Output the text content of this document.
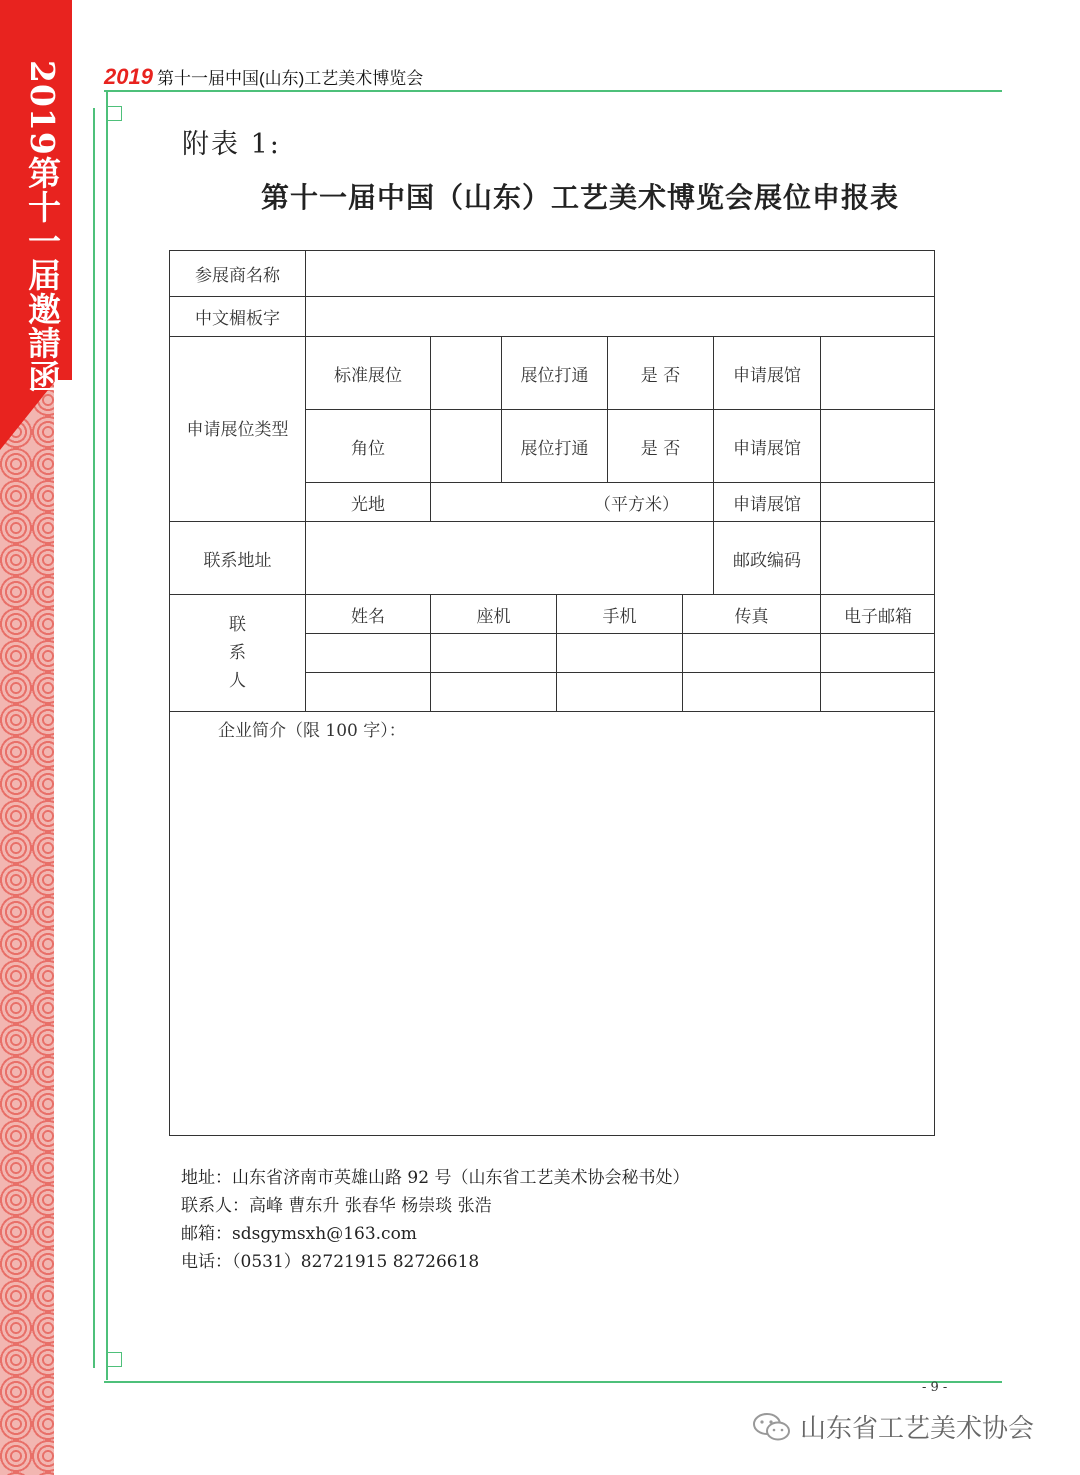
2019第十一届邀請函 2019 第十一届中国(山东)工艺美术博览会
附表 1:
第十一届中国（山东）工艺美术博览会展位申报表
参展商名称
中文楣板字
申请展位类型
标准展位	展位打通	是 否	申请展馆
角位	展位打通	是 否	申请展馆
光地	（平方米）	申请展馆
联系地址	邮政编码
联
系
人
姓名	座机	手机	传真	电子邮箱
企业简介（限 100 字）：
地址：山东省济南市英雄山路 92 号（山东省工艺美术协会秘书处）
联系人：高峰 曹东升 张春华 杨崇琰 张浩
邮箱：sdsgymsxh@163.com
电话：（0531）82721915 82726618
- 9 -
山东省工艺美术协会
